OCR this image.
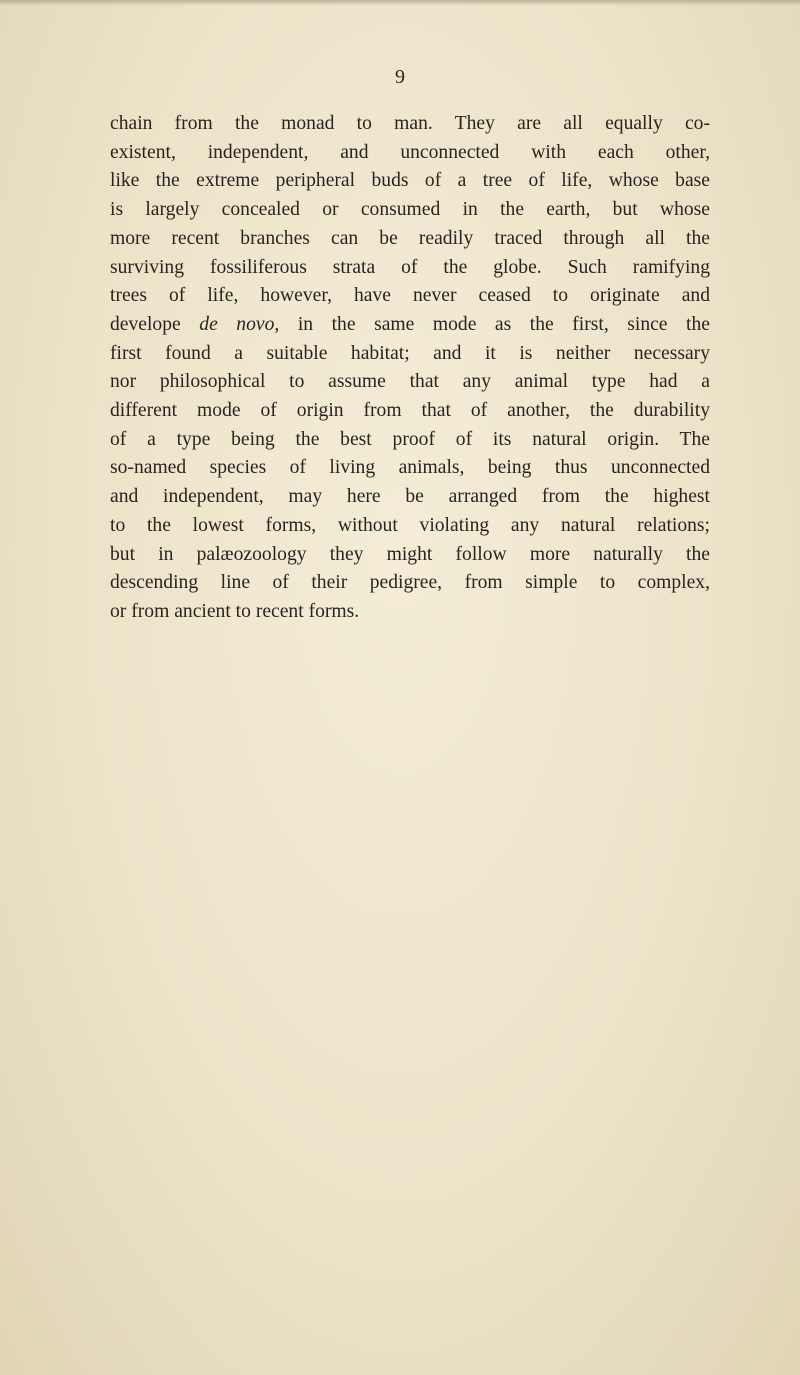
9

chain from the monad to man. They are all equally co-
existent, independent, and unconnected with each other,
like the extreme peripheral buds of a tree of life, whose base
is largely concealed or consumed in the earth, but whose
more recent branches can be readily traced through all the
surviving fossiliferous strata of the globe. Such ramifying
trees of life, however, have never ceased to originate and
develope de novo, in the same mode as the first, since the
first found a suitable habitat; and it is neither necessary
nor philosophical to assume that any animal type had a
different mode of origin from that of another, the durability
of a type being the best proof of its natural origin. The
so-named species of living animals, being thus unconnected
and independent, may here be arranged from the highest
to the lowest forms, without violating any natural relations;
but in palæozoology they might follow more naturally the
descending line of their pedigree, from simple to complex,
or from ancient to recent forms.
